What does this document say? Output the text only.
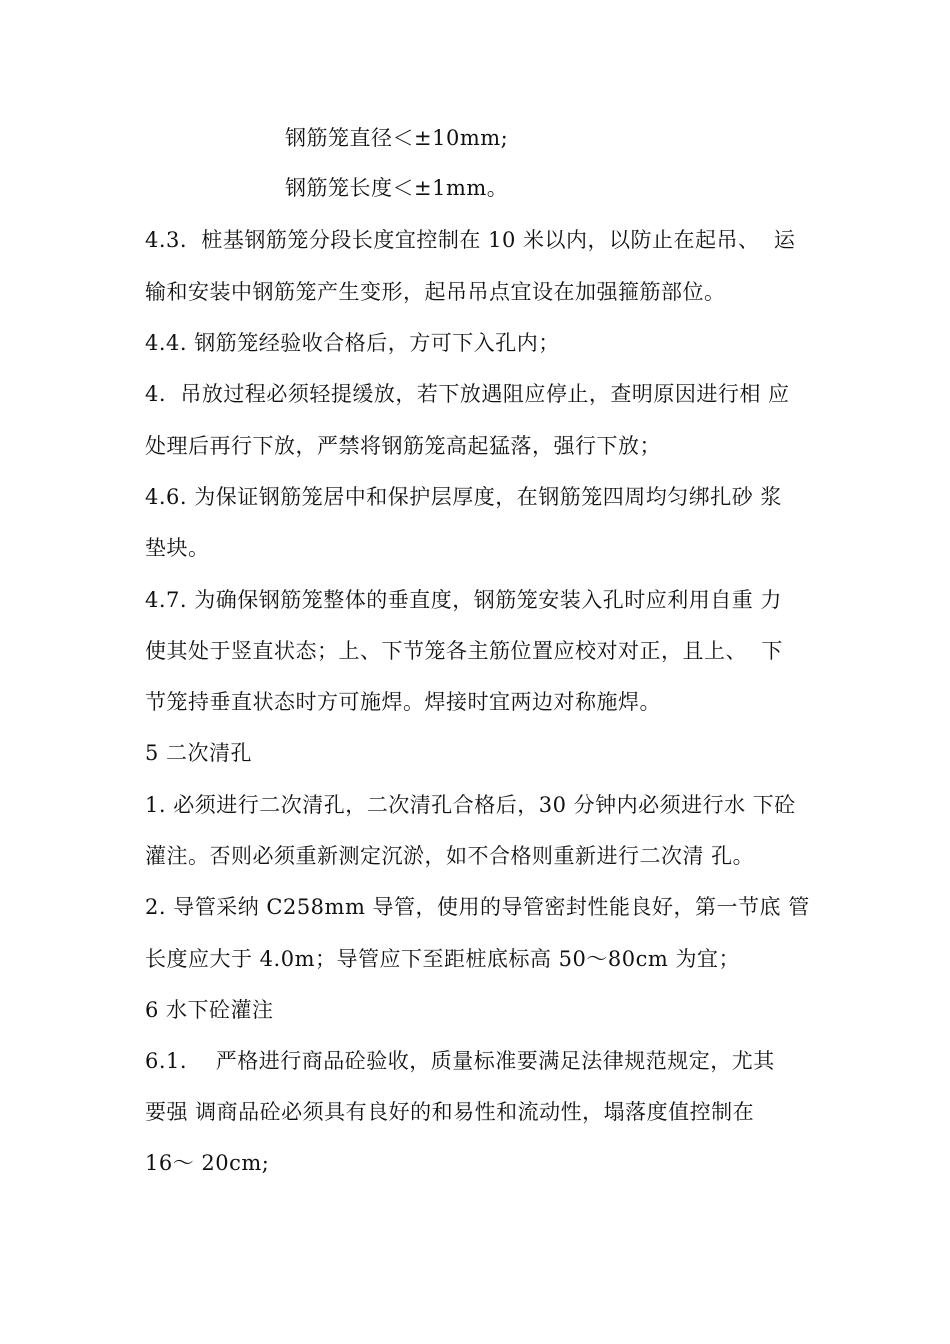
钢筋笼直径＜±10mm;
钢筋笼长度＜±1mm。
4.3.  桩基钢筋笼分段长度宜控制在 10 米以内，以防止在起吊、  运
输和安装中钢筋笼产生变形，起吊吊点宜设在加强箍筋部位。
4.4. 钢筋笼经验收合格后，方可下入孔内；
4.  吊放过程必须轻提缓放，若下放遇阻应停止，查明原因进行相 应
处理后再行下放，严禁将钢筋笼高起猛落，强行下放；
4.6. 为保证钢筋笼居中和保护层厚度，在钢筋笼四周均匀绑扎砂 浆
垫块。
4.7. 为确保钢筋笼整体的垂直度，钢筋笼安装入孔时应利用自重 力
使其处于竖直状态；上、下节笼各主筋位置应校对对正，且上、  下
节笼持垂直状态时方可施焊。焊接时宜两边对称施焊。
5 二次清孔
1. 必须进行二次清孔，二次清孔合格后，30 分钟内必须进行水 下砼
灌注。否则必须重新测定沉淤，如不合格则重新进行二次清 孔。
2. 导管采纳 C258mm 导管，使用的导管密封性能良好，第一节底 管
长度应大于 4.0m；导管应下至距桩底标高 50〜80cm 为宜；
6 水下砼灌注
6.1.    严格进行商品砼验收，质量标准要满足法律规范规定，尤其
要强 调商品砼必须具有良好的和易性和流动性，塌落度值控制在
16〜 20cm;
